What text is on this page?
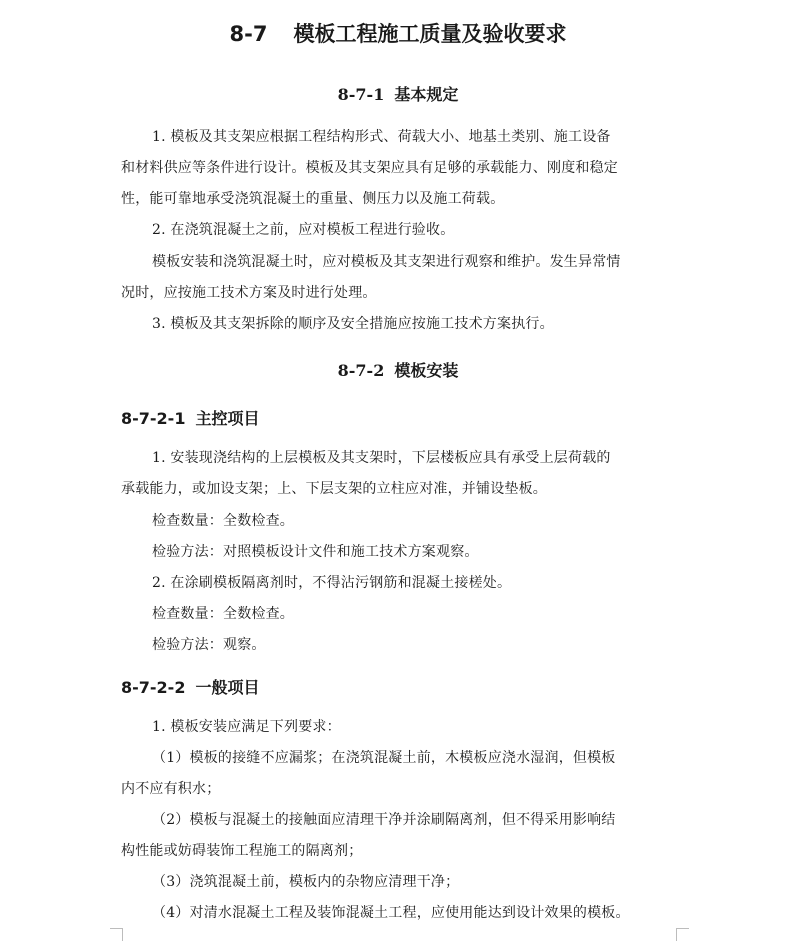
8-7 模板工程施工质量及验收要求
8-7-1 基本规定
1. 模板及其支架应根据工程结构形式、荷载大小、地基土类别、施工设备
和材料供应等条件进行设计。模板及其支架应具有足够的承载能力、刚度和稳定
性，能可靠地承受浇筑混凝土的重量、侧压力以及施工荷载。
2. 在浇筑混凝土之前，应对模板工程进行验收。
模板安装和浇筑混凝土时，应对模板及其支架进行观察和维护。发生异常情
况时，应按施工技术方案及时进行处理。
3. 模板及其支架拆除的顺序及安全措施应按施工技术方案执行。
8-7-2 模板安装
8-7-2-1 主控项目
1. 安装现浇结构的上层模板及其支架时，下层楼板应具有承受上层荷载的
承载能力，或加设支架；上、下层支架的立柱应对准，并铺设垫板。
检查数量：全数检查。
检验方法：对照模板设计文件和施工技术方案观察。
2. 在涂刷模板隔离剂时，不得沾污钢筋和混凝土接槎处。
检查数量：全数检查。
检验方法：观察。
8-7-2-2 一般项目
1. 模板安装应满足下列要求：
（1）模板的接缝不应漏浆；在浇筑混凝土前，木模板应浇水湿润，但模板
内不应有积水；
（2）模板与混凝土的接触面应清理干净并涂刷隔离剂，但不得采用影响结
构性能或妨碍装饰工程施工的隔离剂；
（3）浇筑混凝土前，模板内的杂物应清理干净；
（4）对清水混凝土工程及装饰混凝土工程，应使用能达到设计效果的模板。
